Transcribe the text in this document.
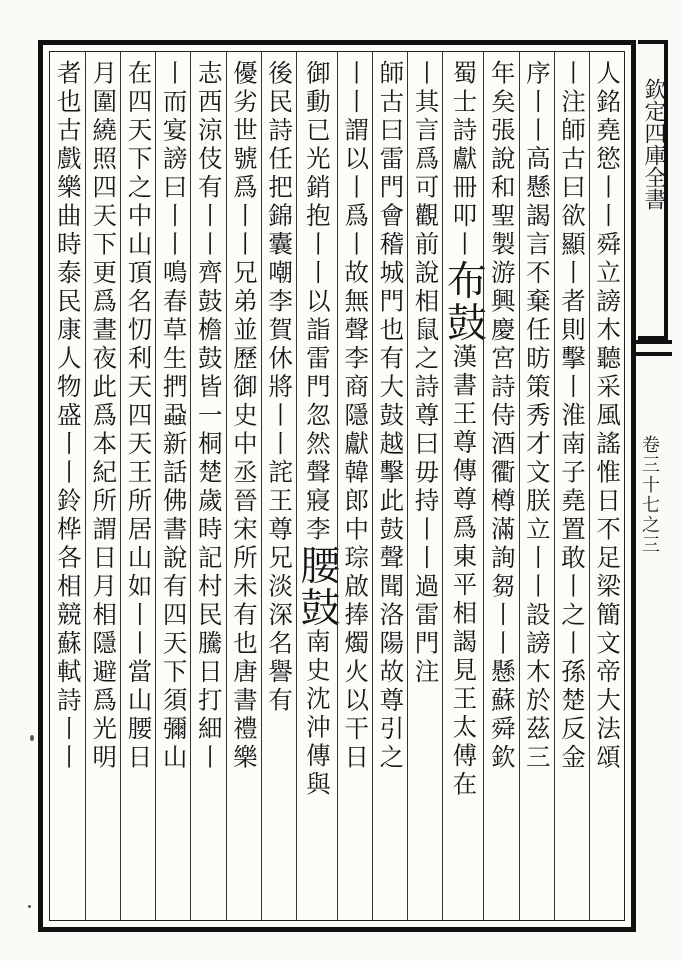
人銘堯慾丨丨舜立謗木聽采風謠惟日不足梁簡文帝大法頌
丨注師古曰欲顯丨者則擊丨淮南子堯置敢丨之丨孫楚反金
序丨丨高懸謁言不棄任昉策秀才文朕立丨丨設謗木於茲三
年矣張說和聖製游興慶宮詩侍酒衢樽滿詢芻丨丨懸蘇舜欽
蜀士詩獻冊叩丨布鼓漢書王尊傳尊爲東平相謁見王太傅在
丨其言爲可觀前說相鼠之詩尊曰毋持丨丨過雷門注
師古曰雷門會稽城門也有大鼓越擊此鼓聲聞洛陽故尊引之
丨丨謂以丨爲丨故無聲李商隱獻韓郎中琮啟捧燭火以干日
御動已光銷抱丨丨以詣雷門忽然聲寢李腰鼓南史沈沖傳與
後民詩任把錦囊嘲李賀休將丨丨詫王尊兄淡深名譽有
優劣世號爲丨丨兄弟並歷御史中丞晉宋所未有也唐書禮樂
志西涼伎有丨丨齊鼓檐鼓皆一桐楚歲時記村民騰日打細丨
丨而宴謗曰丨丨鳴春草生捫蝨新話佛書說有四天下須彌山
在四天下之中山頂名忉利天四天王所居山如丨丨當山腰日
月圍繞照四天下更爲晝夜此爲本紀所謂日月相隱避爲光明
者也古戲樂曲時泰民康人物盛丨丨鈴桦各相競蘇軾詩丨丨	欽定四庫全書
卷三十七之三
